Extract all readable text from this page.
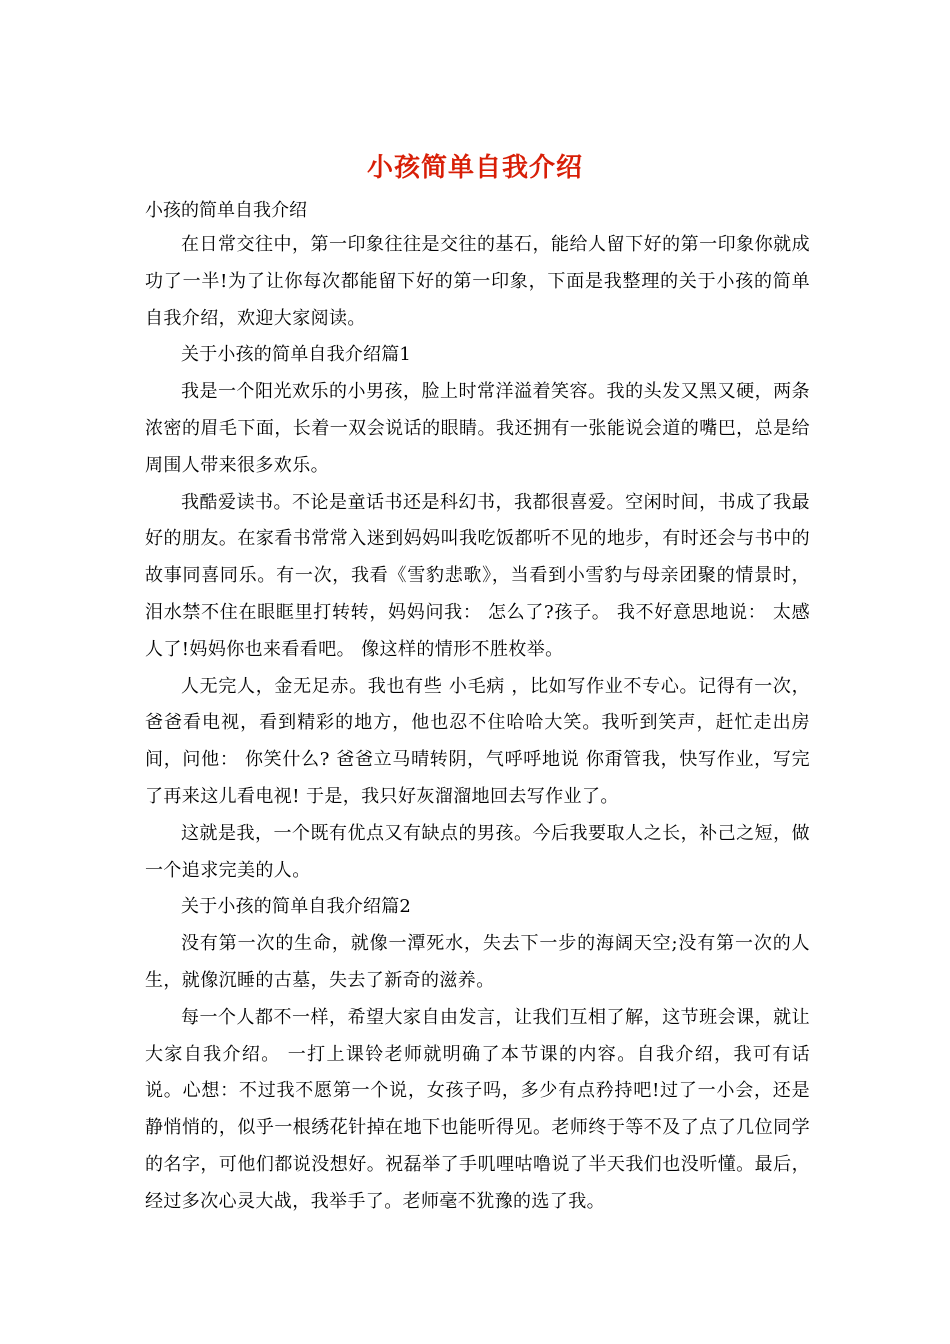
小孩简单自我介绍
小孩的简单自我介绍

在日常交往中，第一印象往往是交往的基石，能给人留下好的第一印象你就成功了一半!为了让你每次都能留下好的第一印象，下面是我整理的关于小孩的简单自我介绍，欢迎大家阅读。

关于小孩的简单自我介绍篇1

我是一个阳光欢乐的小男孩，脸上时常洋溢着笑容。我的头发又黑又硬，两条浓密的眉毛下面，长着一双会说话的眼睛。我还拥有一张能说会道的嘴巴，总是给周围人带来很多欢乐。

我酷爱读书。不论是童话书还是科幻书，我都很喜爱。空闲时间，书成了我最好的朋友。在家看书常常入迷到妈妈叫我吃饭都听不见的地步，有时还会与书中的故事同喜同乐。有一次，我看《雪豹悲歌》，当看到小雪豹与母亲团聚的情景时，泪水禁不住在眼眶里打转转，妈妈问我： 怎么了?孩子。 我不好意思地说： 太感人了!妈妈你也来看看吧。 像这样的情形不胜枚举。

人无完人，金无足赤。我也有些 小毛病 ，比如写作业不专心。记得有一次，爸爸看电视，看到精彩的地方，他也忍不住哈哈大笑。我听到笑声，赶忙走出房间，问他： 你笑什么? 爸爸立马晴转阴，气呼呼地说 你甭管我，快写作业，写完了再来这儿看电视! 于是，我只好灰溜溜地回去写作业了。

这就是我，一个既有优点又有缺点的男孩。今后我要取人之长，补己之短，做一个追求完美的人。

关于小孩的简单自我介绍篇2

没有第一次的生命，就像一潭死水，失去下一步的海阔天空;没有第一次的人生，就像沉睡的古墓，失去了新奇的滋养。

每一个人都不一样，希望大家自由发言，让我们互相了解，这节班会课，就让大家自我介绍。 一打上课铃老师就明确了本节课的内容。自我介绍，我可有话说。心想：不过我不愿第一个说，女孩子吗，多少有点矜持吧!过了一小会，还是静悄悄的，似乎一根绣花针掉在地下也能听得见。老师终于等不及了点了几位同学的名字，可他们都说没想好。祝磊举了手叽哩咕噜说了半天我们也没听懂。最后，经过多次心灵大战，我举手了。老师毫不犹豫的选了我。
